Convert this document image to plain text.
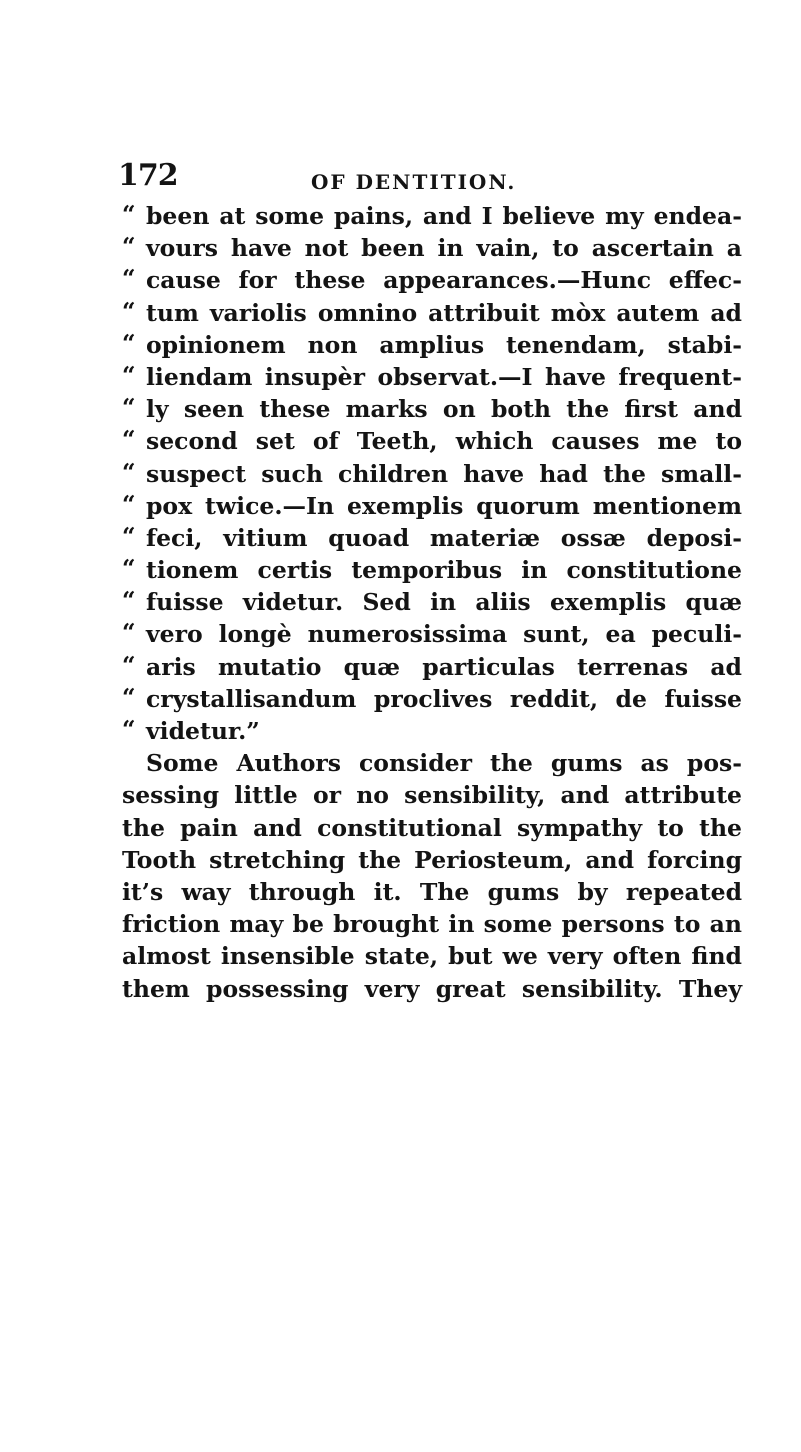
172	OF DENTITION.
“ been at some pains, and I believe my endea-
“ vours have not been in vain, to ascertain a
“ cause for these appearances.—Hunc effec-
“ tum variolis omnino attribuit mòx autem ad
“ opinionem non amplius tenendam, stabi-
“ liendam insupèr observat.—I have frequent-
“ ly seen these marks on both the first and
“ second set of Teeth, which causes me to
“ suspect such children have had the small-
“ pox twice.—In exemplis quorum mentionem
“ feci, vitium quoad materiæ ossæ deposi-
“ tionem certis temporibus in constitutione
“ fuisse videtur. Sed in aliis exemplis quæ
“ vero longè numerosissima sunt, ea peculi-
“ aris mutatio quæ particulas terrenas ad
“ crystallisandum proclives reddit, de fuisse
“ videtur.”
Some Authors consider the gums as pos-
sessing little or no sensibility, and attribute
the pain and constitutional sympathy to the
Tooth stretching the Periosteum, and forcing
it’s way through it. The gums by repeated
friction may be brought in some persons to an
almost insensible state, but we very often find
them possessing very great sensibility. They
